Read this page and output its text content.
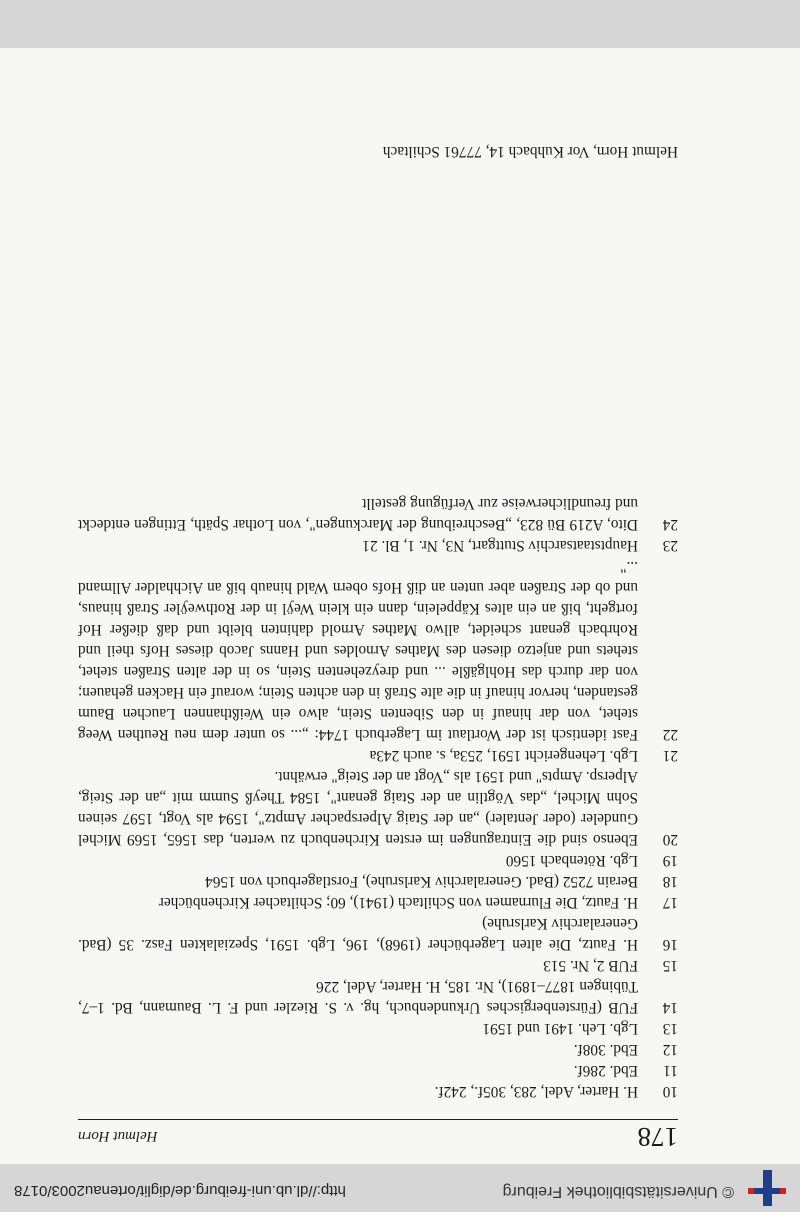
© Universitätsbibliothek Freiburg
http://dl.ub.uni-freiburg.de/diglit/ortenau2003/0178
178
Helmut Horn
10
H. Harter, Adel, 283, 305f., 242f.
11
Ebd. 286f.
12
Ebd. 308f.
13
Lgb. Leh. 1491 und 1591
14
FUB (Fürstenbergisches Urkundenbuch, hg. v. S. Riezler und F. L. Baumann, Bd. 1–7, Tübingen 1877–1891), Nr. 185, H. Harter, Adel, 226
15
FUB 2, Nr. 513
16
H. Fautz, Die alten Lagerbücher (1968), 196, Lgb. 1591, Spezialakten Fasz. 35 (Bad. Generalarchiv Karlsruhe)
17
H. Fautz, Die Flurnamen von Schiltach (1941), 60; Schiltacher Kirchenbücher
18
Berain 7252 (Bad. Generalarchiv Karlsruhe), Forstlagerbuch von 1564
19
Lgb. Rötenbach 1560
20
Ebenso sind die Eintragungen im ersten Kirchenbuch zu werten, das 1565, 1569 Michel Gundeler (oder Jentaler) „an der Staig Alperspacher Amptz", 1594 als Vogt, 1597 seinen Sohn Michel, „das Vögtlin an der Staig genant", 1584 Theyß Summ mit „an der Steig, Alpersp. Ampts" und 1591 als „Vogt an der Steig" erwähnt.
21
Lgb. Lehengericht 1591, 253a, s. auch 243a
22
Fast identisch ist der Wortlaut im Lagerbuch 1744: „... so unter dem neu Reuthen Weeg stehet, von dar hinauf in den Sibenten Stein, alwo ein Weißthannen Lauchen Baum gestanden, hervor hinauf in die alte Straß in den achten Stein; worauf ein Hacken gehauen; von dar durch das Hohlgäßle ... und dreyzehenten Stein, so in der alten Straßen stehet, stehets und anjetzo diesen des Mathes Arnoldes und Hanns Jacob dieses Hofs theil und Rohrbach genant scheidet, allwo Mathes Arnold dahinten bleibt und daß dießer Hof fortgeht, biß an ein altes Käppelein, dann ein klein Weÿl in der Rothweÿler Straß hinaus, und ob der Straßen aber unten an diß Hofs obern Wald hinaub biß an Aichhalder Allmand ..."
23
Hauptstaatsarchiv Stuttgart, N3, Nr. 1, Bl. 21
24
Dito, A219 Bü 823, „Beschreibung der Marckungen", von Lothar Späth, Ettingen entdeckt und freundlicherweise zur Verfügung gestellt
Helmut Horn, Vor Kuhbach 14, 77761 Schiltach
